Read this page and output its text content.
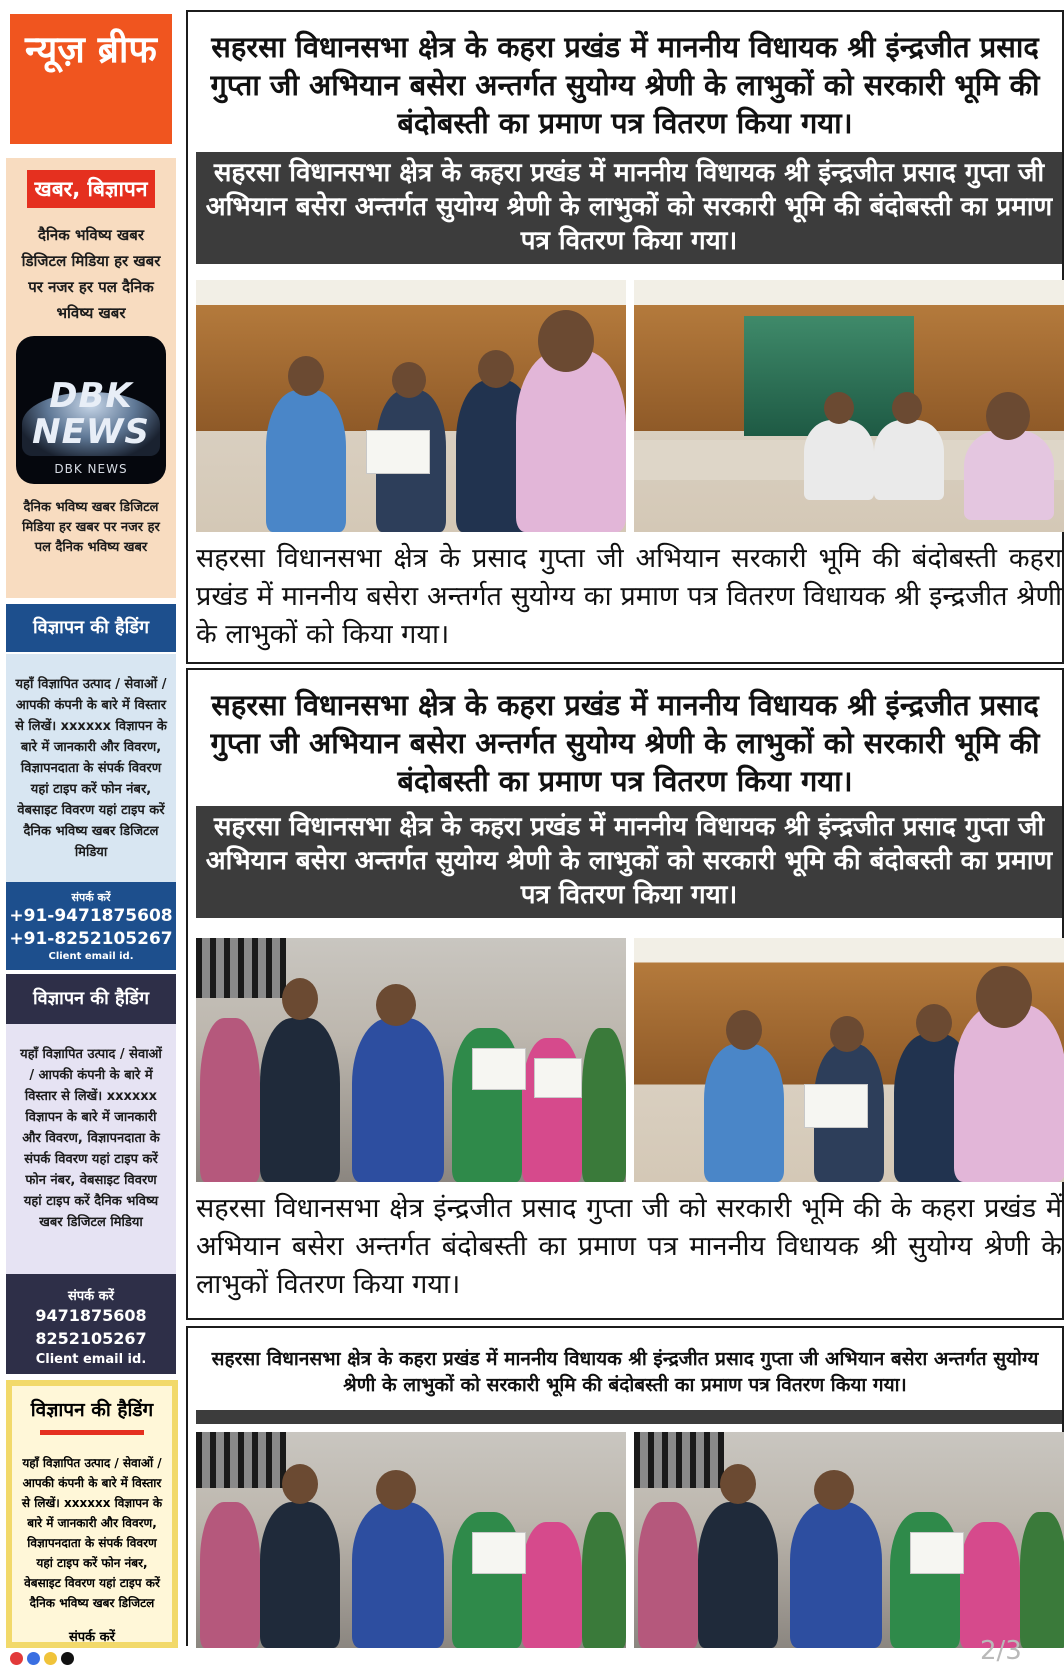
न्यूज़ ब्रीफ
खबर, बिज्ञापन
दैनिक भविष्य खबर डिजिटल मिडिया हर खबर पर नजर हर पल दैनिक भविष्य खबर
DBK NEWS
DBK NEWS
दैनिक भविष्य खबर डिजिटल मिडिया हर खबर पर नजर हर पल दैनिक भविष्य खबर
विज्ञापन की हैडिंग
यहाँ विज्ञापित उत्पाद / सेवाओं / आपकी कंपनी के बारे में विस्तार से लिखें। xxxxxx विज्ञापन के बारे में जानकारी और विवरण, विज्ञापनदाता के संपर्क विवरण यहां टाइप करें फोन नंबर, वेबसाइट विवरण यहां टाइप करें दैनिक भविष्य खबर डिजिटल मिडिया
संपर्क करें
+91-9471875608
+91-8252105267
Client email id.
विज्ञापन की हैडिंग
यहाँ विज्ञापित उत्पाद / सेवाओं / आपकी कंपनी के बारे में विस्तार से लिखें। xxxxxx विज्ञापन के बारे में जानकारी और विवरण, विज्ञापनदाता के संपर्क विवरण यहां टाइप करें फोन नंबर, वेबसाइट विवरण यहां टाइप करें दैनिक भविष्य खबर डिजिटल मिडिया
संपर्क करें
9471875608
8252105267
Client email id.
विज्ञापन की हैडिंग
यहाँ विज्ञापित उत्पाद / सेवाओं / आपकी कंपनी के बारे में विस्तार से लिखें। xxxxxx विज्ञापन के बारे में जानकारी और विवरण, विज्ञापनदाता के संपर्क विवरण यहां टाइप करें फोन नंबर, वेबसाइट विवरण यहां टाइप करें दैनिक भविष्य खबर डिजिटल
संपर्क करें
सहरसा विधानसभा क्षेत्र के कहरा प्रखंड में माननीय विधायक श्री इंन्द्रजीत प्रसाद गुप्ता जी अभियान बसेरा अन्तर्गत सुयोग्य श्रेणी के लाभुकों को सरकारी भूमि की बंदोबस्ती का प्रमाण पत्र वितरण किया गया।
सहरसा विधानसभा क्षेत्र के कहरा प्रखंड में माननीय विधायक श्री इंन्द्रजीत प्रसाद गुप्ता जी अभियान बसेरा अन्तर्गत सुयोग्य श्रेणी के लाभुकों को सरकारी भूमि की बंदोबस्ती का प्रमाण पत्र वितरण किया गया।
सहरसा विधानसभा क्षेत्र के प्रसाद गुप्ता जी अभियान सरकारी भूमि की बंदोबस्ती कहरा प्रखंड में माननीय बसेरा अन्तर्गत सुयोग्य का प्रमाण पत्र वितरण विधायक श्री इन्द्रजीत श्रेणी के लाभुकों को किया गया।
सहरसा विधानसभा क्षेत्र के कहरा प्रखंड में माननीय विधायक श्री इंन्द्रजीत प्रसाद गुप्ता जी अभियान बसेरा अन्तर्गत सुयोग्य श्रेणी के लाभुकों को सरकारी भूमि की बंदोबस्ती का प्रमाण पत्र वितरण किया गया।
सहरसा विधानसभा क्षेत्र के कहरा प्रखंड में माननीय विधायक श्री इंन्द्रजीत प्रसाद गुप्ता जी अभियान बसेरा अन्तर्गत सुयोग्य श्रेणी के लाभुकों को सरकारी भूमि की बंदोबस्ती का प्रमाण पत्र वितरण किया गया।
सहरसा विधानसभा क्षेत्र इंन्द्रजीत प्रसाद गुप्ता जी को सरकारी भूमि की के कहरा प्रखंड में अभियान बसेरा अन्तर्गत बंदोबस्ती का प्रमाण पत्र माननीय विधायक श्री सुयोग्य श्रेणी के लाभुकों वितरण किया गया।
सहरसा विधानसभा क्षेत्र के कहरा प्रखंड में माननीय विधायक श्री इंन्द्रजीत प्रसाद गुप्ता जी अभियान बसेरा अन्तर्गत सुयोग्य श्रेणी के लाभुकों को सरकारी भूमि की बंदोबस्ती का प्रमाण पत्र वितरण किया गया।
2/3
